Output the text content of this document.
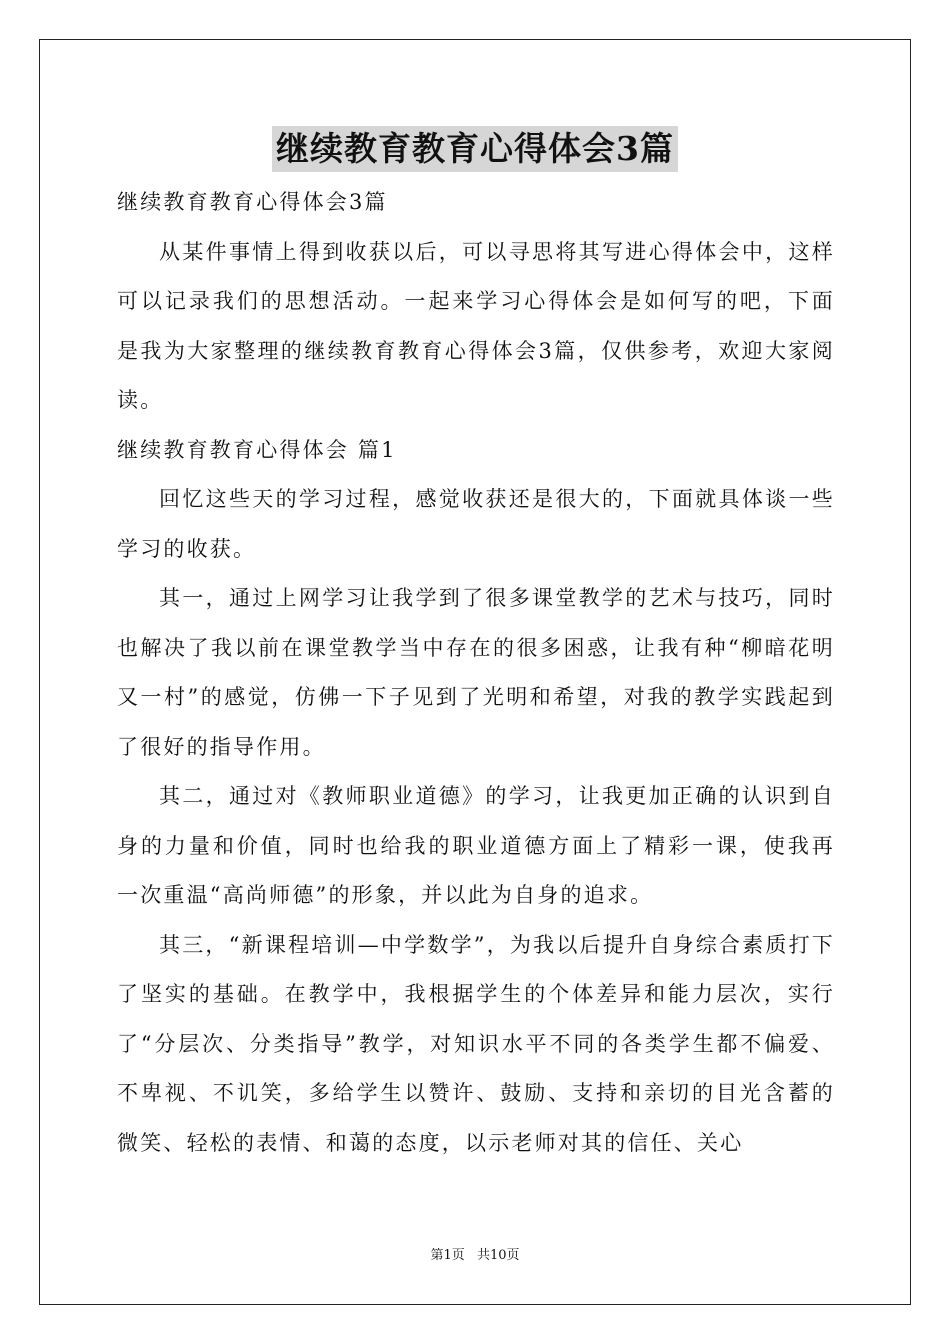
继续教育教育心得体会3篇

继续教育教育心得体会3篇

从某件事情上得到收获以后，可以寻思将其写进心得体会中，这样可以记录我们的思想活动。一起来学习心得体会是如何写的吧，下面是我为大家整理的继续教育教育心得体会3篇，仅供参考，欢迎大家阅读。

继续教育教育心得体会 篇1

回忆这些天的学习过程，感觉收获还是很大的，下面就具体谈一些学习的收获。

其一，通过上网学习让我学到了很多课堂教学的艺术与技巧，同时也解决了我以前在课堂教学当中存在的很多困惑，让我有种“柳暗花明又一村”的感觉，仿佛一下子见到了光明和希望，对我的教学实践起到了很好的指导作用。

其二，通过对《教师职业道德》的学习，让我更加正确的认识到自身的力量和价值，同时也给我的职业道德方面上了精彩一课，使我再一次重温“高尚师德”的形象，并以此为自身的追求。

其三，“新课程培训—中学数学”，为我以后提升自身综合素质打下了坚实的基础。在教学中，我根据学生的个体差异和能力层次，实行了“分层次、分类指导”教学，对知识水平不同的各类学生都不偏爱、不卑视、不讥笑，多给学生以赞许、鼓励、支持和亲切的目光含蓄的微笑、轻松的表情、和蔼的态度，以示老师对其的信任、关心

第1页 共10页
